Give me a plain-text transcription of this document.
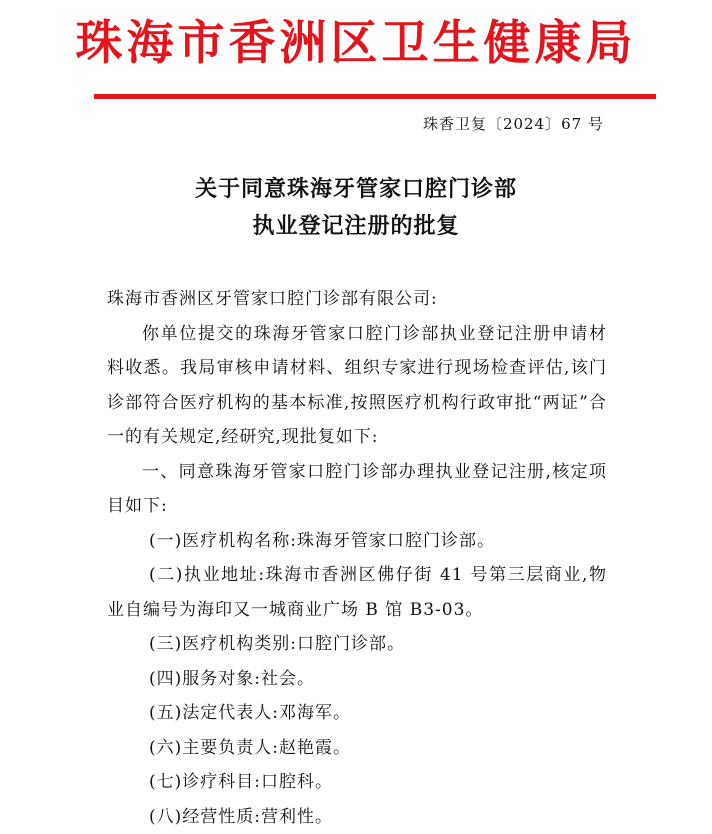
珠海市香洲区卫生健康局
珠香卫复〔2024〕67 号
关于同意珠海牙管家口腔门诊部
执业登记注册的批复

珠海市香洲区牙管家口腔门诊部有限公司:

你单位提交的珠海牙管家口腔门诊部执业登记注册申请材料收悉。我局审核申请材料、组织专家进行现场检查评估,该门诊部符合医疗机构的基本标准,按照医疗机构行政审批“两证”合一的有关规定,经研究,现批复如下:

一、同意珠海牙管家口腔门诊部办理执业登记注册,核定项目如下:

(一)医疗机构名称:珠海牙管家口腔门诊部。

(二)执业地址:珠海市香洲区佛仔街 41 号第三层商业,物业自编号为海印又一城商业广场 B 馆 B3-03。

(三)医疗机构类别:口腔门诊部。

(四)服务对象:社会。

(五)法定代表人:邓海军。

(六)主要负责人:赵艳霞。

(七)诊疗科目:口腔科。

(八)经营性质:营利性。
